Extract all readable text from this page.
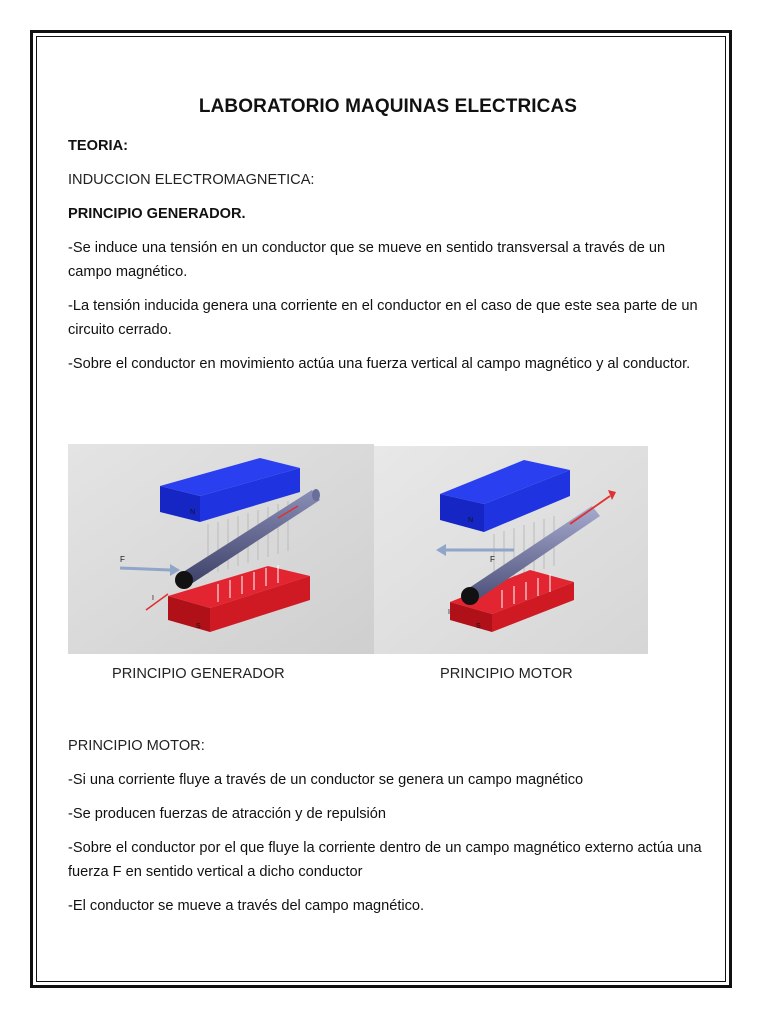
LABORATORIO MAQUINAS ELECTRICAS
TEORIA:
INDUCCION ELECTROMAGNETICA:
PRINCIPIO GENERADOR.
-Se induce una tensión en un conductor que se mueve en sentido transversal a través de un campo magnético.
-La tensión inducida genera una corriente en el conductor en el caso de que este sea parte de un circuito cerrado.
-Sobre el conductor en movimiento actúa una fuerza vertical al campo magnético y al conductor.
N
S
F
I
N
S
I
F
PRINCIPIO GENERADOR	PRINCIPIO MOTOR
PRINCIPIO MOTOR:
-Si una corriente fluye a través de un conductor se genera un campo magnético
-Se producen fuerzas de atracción y de repulsión
-Sobre el conductor por el que fluye la corriente dentro de un campo magnético externo actúa una fuerza F en sentido vertical a dicho conductor
-El conductor se mueve a través del campo magnético.
